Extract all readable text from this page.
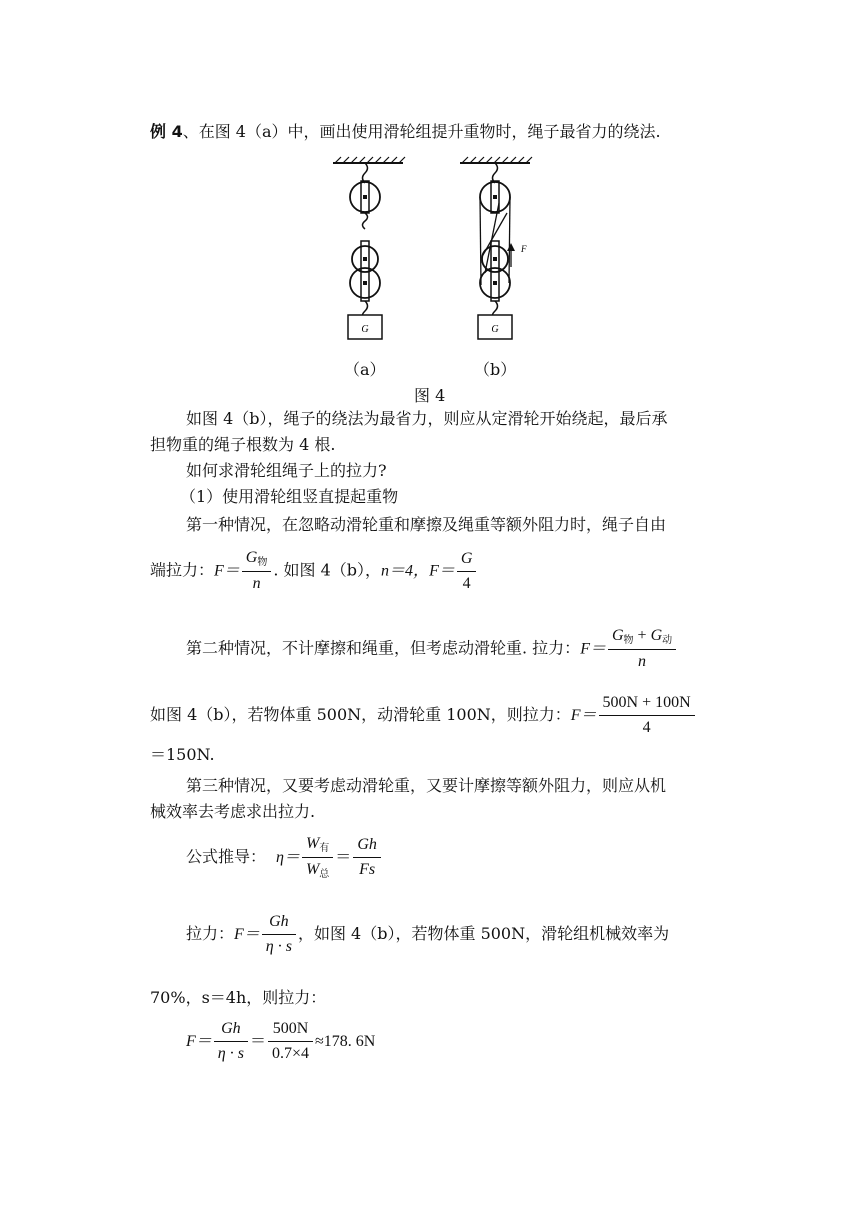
例 4、在图 4（a）中，画出使用滑轮组提升重物时，绳子最省力的绕法.
G
F
G
（a）	（b）
图 4
如图 4（b），绳子的绕法为最省力，则应从定滑轮开始绕起，最后承
担物重的绳子根数为 4 根.
如何求滑轮组绳子上的拉力?
（1）使用滑轮组竖直提起重物
第一种情况，在忽略动滑轮重和摩擦及绳重等额外阻力时，绳子自由
端拉力：$F= \frac{G_物}{n}$ . 如图 4（b），n＝4，$F= \frac{G}{4}$
第二种情况，不计摩擦和绳重，但考虑动滑轮重. 拉力：$F= \frac{G_物 + G_动}{n}$
如图 4（b），若物体重 500N，动滑轮重 100N，则拉力：$F= \frac{500N + 100N}{4}$
＝150N.
第三种情况，又要考虑动滑轮重，又要计摩擦等额外阻力，则应从机
械效率去考虑求出拉力.
公式推导： $\eta= \frac{W_有}{W_总} = \frac{Gh}{Fs}$
拉力：$F= \frac{Gh}{\eta \cdot s}$ ，如图 4（b），若物体重 500N，滑轮组机械效率为
70%，s＝4h，则拉力：
$F= \frac{Gh}{\eta \cdot s} = \frac{500N}{0.7\times 4} \approx 178$. 6N
